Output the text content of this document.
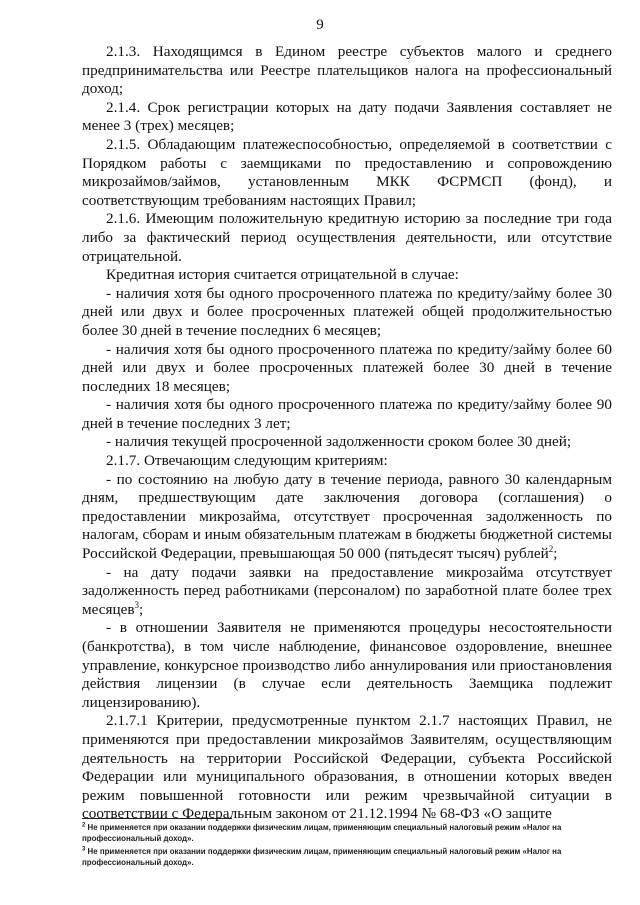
9

2.1.3. Находящимся в Едином реестре субъектов малого и среднего предпринимательства или Реестре плательщиков налога на профессиональный доход;

2.1.4. Срок регистрации которых на дату подачи Заявления составляет не менее 3 (трех) месяцев;

2.1.5. Обладающим платежеспособностью, определяемой в соответствии с Порядком работы с заемщиками по предоставлению и сопровождению микрозаймов/займов, установленным МКК ФСРМСП (фонд), и соответствующим требованиям настоящих Правил;

2.1.6. Имеющим положительную кредитную историю за последние три года либо за фактический период осуществления деятельности, или отсутствие отрицательной.

Кредитная история считается отрицательной в случае:

- наличия хотя бы одного просроченного платежа по кредиту/займу более 30 дней или двух и более просроченных платежей общей продолжительностью более 30 дней в течение последних 6 месяцев;

- наличия хотя бы одного просроченного платежа по кредиту/займу более 60 дней или двух и более просроченных платежей более 30 дней в течение последних 18 месяцев;

- наличия хотя бы одного просроченного платежа по кредиту/займу более 90 дней в течение последних 3 лет;

- наличия текущей просроченной задолженности сроком более 30 дней;

2.1.7. Отвечающим следующим критериям:

- по состоянию на любую дату в течение периода, равного 30 календарным дням, предшествующим дате заключения договора (соглашения) о предоставлении микрозайма, отсутствует просроченная задолженность по налогам, сборам и иным обязательным платежам в бюджеты бюджетной системы Российской Федерации, превышающая 50 000 (пятьдесят тысяч) рублей$^2$;

- на дату подачи заявки на предоставление микрозайма отсутствует задолженность перед работниками (персоналом) по заработной плате более трех месяцев$^3$;

- в отношении Заявителя не применяются процедуры несостоятельности (банкротства), в том числе наблюдение, финансовое оздоровление, внешнее управление, конкурсное производство либо аннулирования или приостановления действия лицензии (в случае если деятельность Заемщика подлежит лицензированию).

2.1.7.1 Критерии, предусмотренные пунктом 2.1.7 настоящих Правил, не применяются при предоставлении микрозаймов Заявителям, осуществляющим деятельность на территории Российской Федерации, субъекта Российской Федерации или муниципального образования, в отношении которых введен режим повышенной готовности или режим чрезвычайной ситуации в соответствии с Федеральным законом от 21.12.1994 № 68-ФЗ «О защите

$^2$ Не применяется при оказании поддержки физическим лицам, применяющим специальный налоговый режим «Налог на профессиональный доход».

$^3$ Не применяется при оказании поддержки физическим лицам, применяющим специальный налоговый режим «Налог на профессиональный доход».
